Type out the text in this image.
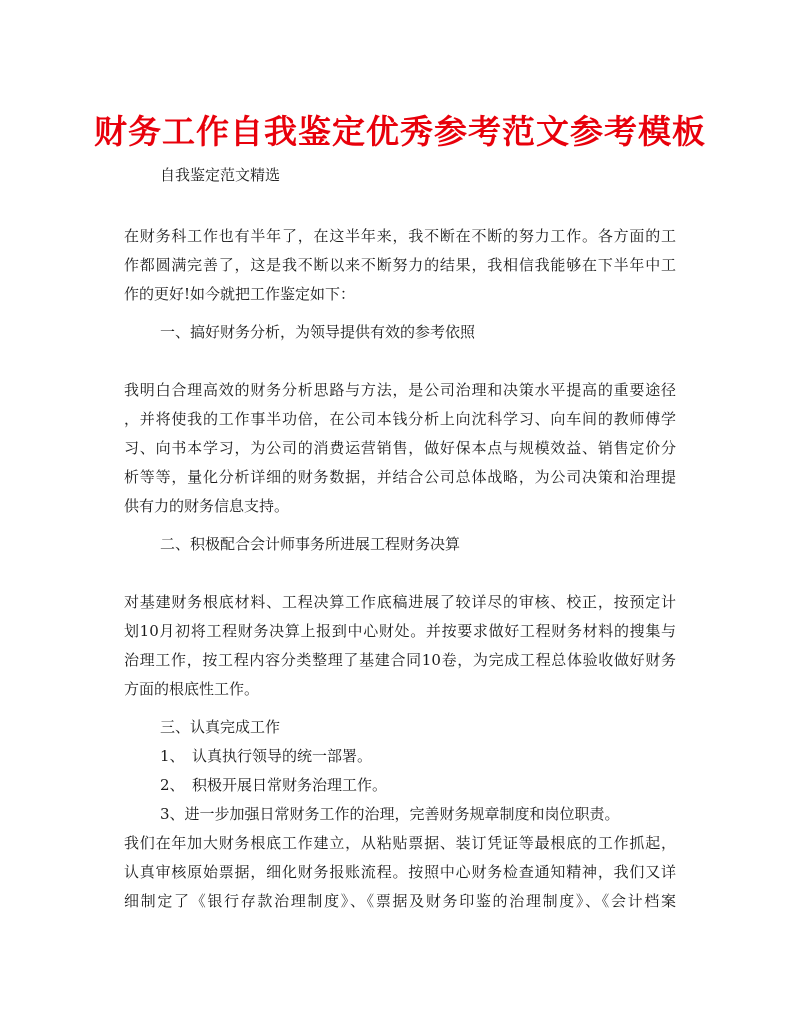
财务工作自我鉴定优秀参考范文参考模板

自我鉴定范文精选

在财务科工作也有半年了，在这半年来，我不断在不断的努力工作。各方面的工
作都圆满完善了，这是我不断以来不断努力的结果，我相信我能够在下半年中工
作的更好!如今就把工作鉴定如下：
一、搞好财务分析，为领导提供有效的参考依照
我明白合理高效的财务分析思路与方法，是公司治理和决策水平提高的重要途径
，并将使我的工作事半功倍，在公司本钱分析上向沈科学习、向车间的教师傅学
习、向书本学习，为公司的消费运营销售，做好保本点与规模效益、销售定价分
析等等，量化分析详细的财务数据，并结合公司总体战略，为公司决策和治理提
供有力的财务信息支持。
二、积极配合会计师事务所进展工程财务决算
对基建财务根底材料、工程决算工作底稿进展了较详尽的审核、校正，按预定计
划10月初将工程财务决算上报到中心财处。并按要求做好工程财务材料的搜集与
治理工作，按工程内容分类整理了基建合同10卷，为完成工程总体验收做好财务
方面的根底性工作。
三、认真完成工作
1、　认真执行领导的统一部署。
2、　积极开展日常财务治理工作。
3、进一步加强日常财务工作的治理，完善财务规章制度和岗位职责。
我们在年加大财务根底工作建立，从粘贴票据、装订凭证等最根底的工作抓起，
认真审核原始票据，细化财务报账流程。按照中心财务检查通知精神，我们又详
细制定了《银行存款治理制度》、《票据及财务印鉴的治理制度》、《会计档案
